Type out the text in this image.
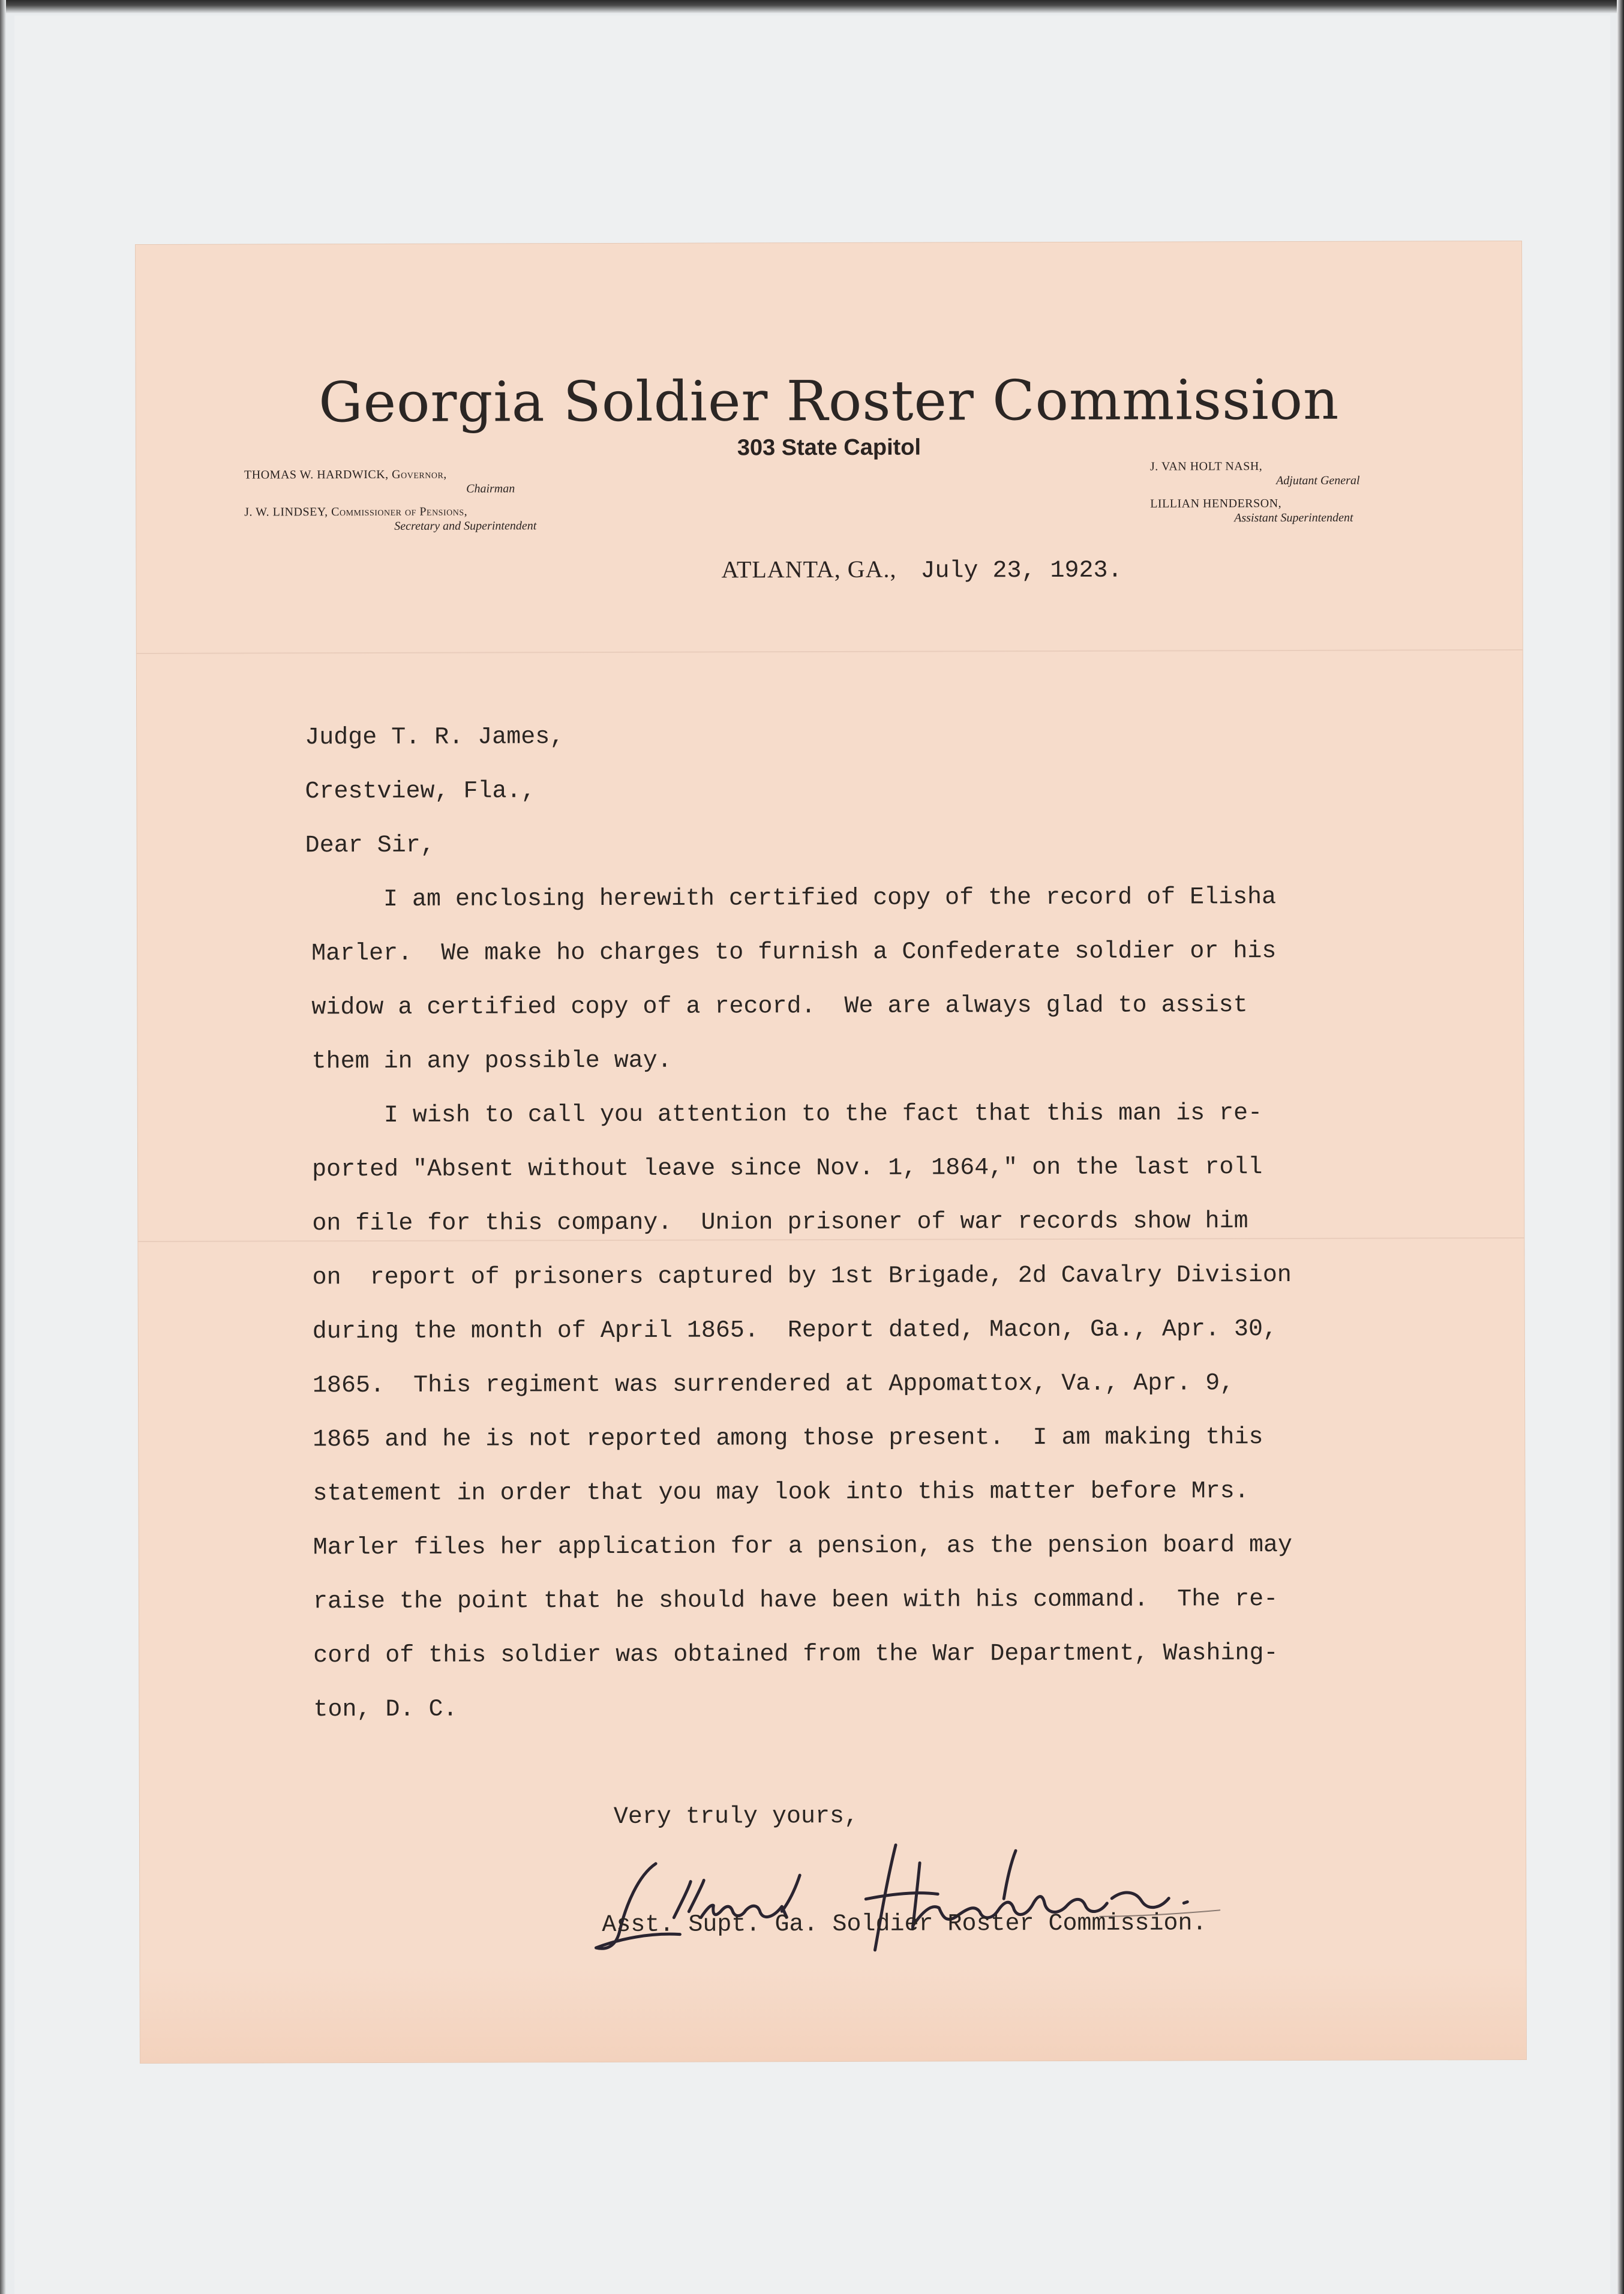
Georgia Soldier Roster Commission
303 State Capitol
THOMAS W. HARDWICK, Governor,
Chairman
J. W. LINDSEY, Commissioner of Pensions,
Secretary and Superintendent
J. VAN HOLT NASH,
Adjutant General
LILLIAN HENDERSON,
Assistant Superintendent
ATLANTA, GA., July 23, 1923.
Judge T. R. James,
Crestview, Fla.,
Dear Sir,
I am enclosing herewith certified copy of the record of Elisha
Marler.  We make ho charges to furnish a Confederate soldier or his
widow a certified copy of a record.  We are always glad to assist
them in any possible way.
I wish to call you attention to the fact that this man is re-
ported "Absent without leave since Nov. 1, 1864," on the last roll
on file for this company.  Union prisoner of war records show him
on  report of prisoners captured by 1st Brigade, 2d Cavalry Division
during the month of April 1865.  Report dated, Macon, Ga., Apr. 30,
1865.  This regiment was surrendered at Appomattox, Va., Apr. 9,
1865 and he is not reported among those present.  I am making this
statement in order that you may look into this matter before Mrs.
Marler files her application for a pension, as the pension board may
raise the point that he should have been with his command.  The re-
cord of this soldier was obtained from the War Department, Washing-
ton, D. C.
Very truly yours,
Asst. Supt. Ga. Soldier Roster Commission.
